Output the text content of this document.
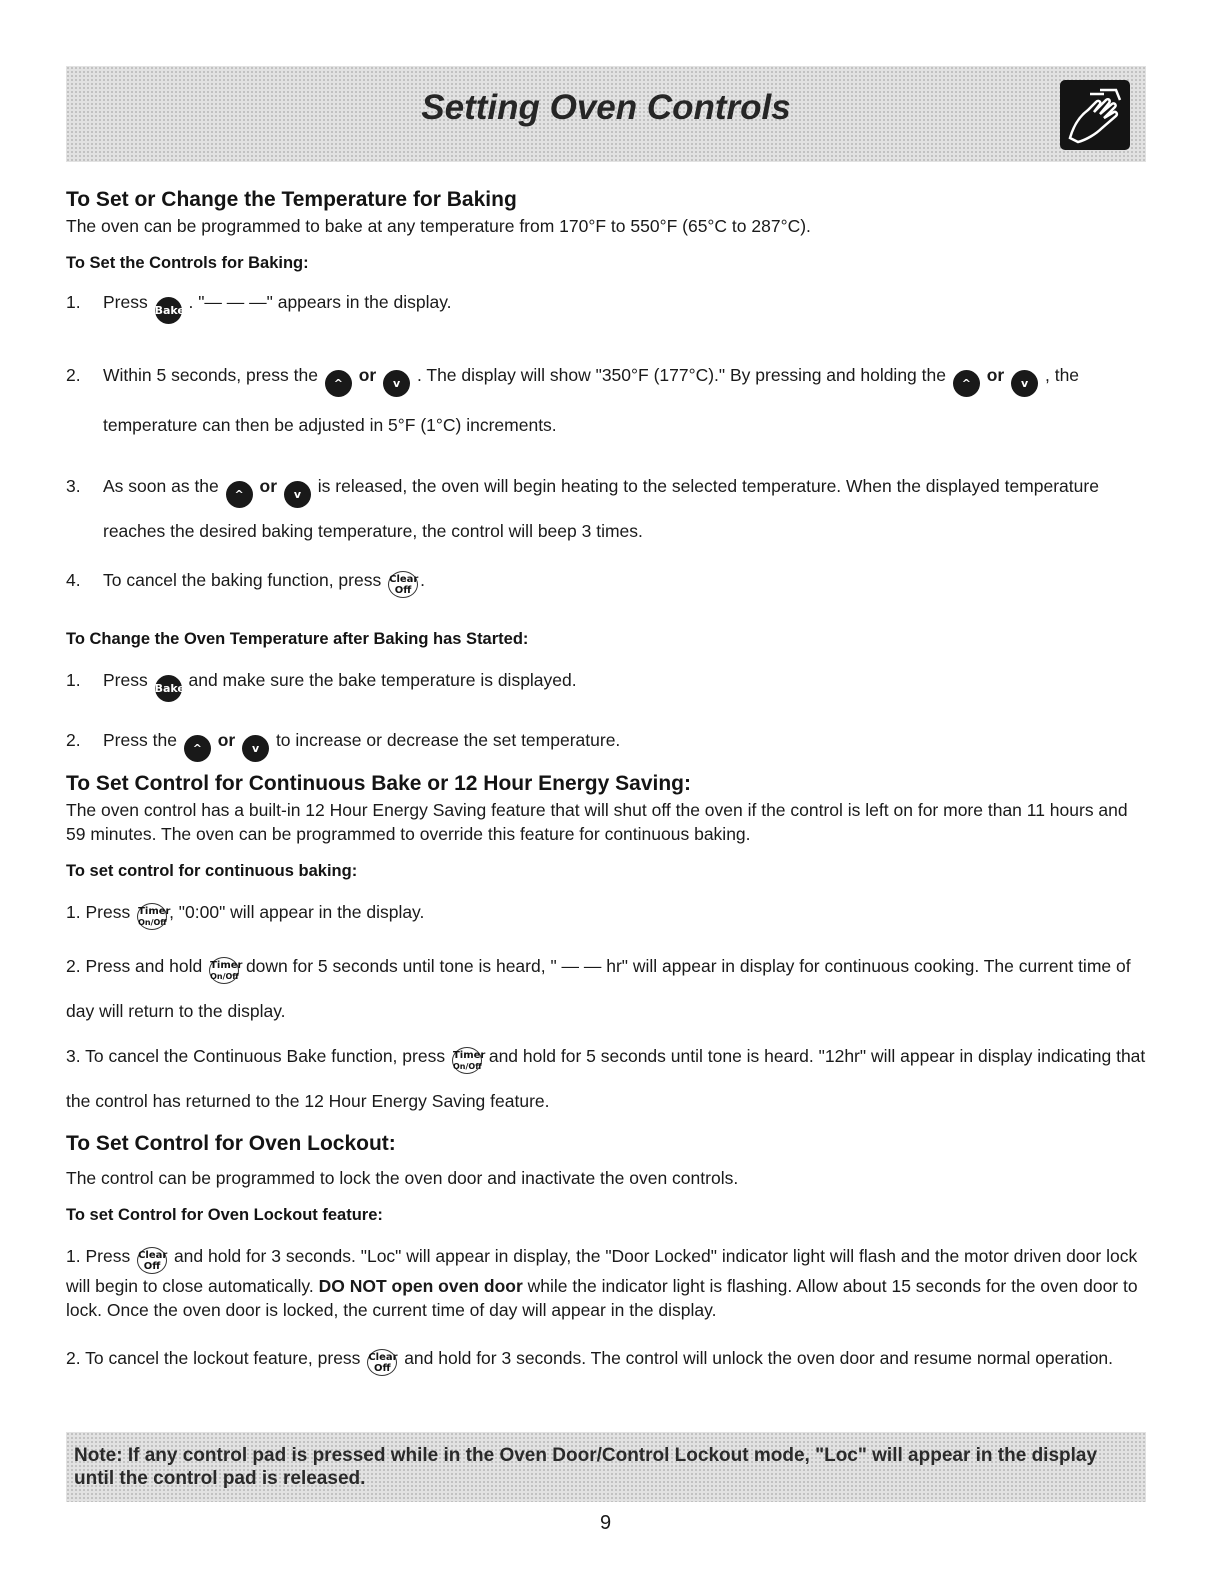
Setting Oven Controls
To Set or Change the Temperature for Baking

The oven can be programmed to bake at any temperature from 170°F to 550°F (65°C to 287°C).

To Set the Controls for Baking:
1. Press Bake . "— — —" appears in the display.
2. Within 5 seconds, press the ^ or v . The display will show "350°F (177°C)." By pressing and holding the ^ or v , the temperature can then be adjusted in 5°F (1°C) increments.
3. As soon as the ^ or v is released, the oven will begin heating to the selected temperature. When the displayed temperature reaches the desired baking temperature, the control will beep 3 times.
4. To cancel the baking function, press Clear
Off
.
To Change the Oven Temperature after Baking has Started:
1. Press Bake and make sure the bake temperature is displayed.
2. Press the ^ or v to increase or decrease the set temperature.
To Set Control for Continuous Bake or 12 Hour Energy Saving:

The oven control has a built-in 12 Hour Energy Saving feature that will shut off the oven if the control is left on for more than 11 hours and 59 minutes. The oven can be programmed to override this feature for continuous baking.

To set control for continuous baking:
1. Press Timer
On/Off
, "0:00" will appear in the display.
2. Press and hold Timer
On/Off
down for 5 seconds until tone is heard, " — — hr" will appear in display for continuous cooking. The current time of day will return to the display.
3. To cancel the Continuous Bake function, press Timer
On/Off
and hold for 5 seconds until tone is heard. "12hr" will appear in display indicating that the control has returned to the 12 Hour Energy Saving feature.
To Set Control for Oven Lockout:

The control can be programmed to lock the oven door and inactivate the oven controls.

To set Control for Oven Lockout feature:
1. Press Clear
Off
and hold for 3 seconds. "Loc" will appear in display, the "Door Locked" indicator light will flash and the motor driven door lock will begin to close automatically. DO NOT open oven door while the indicator light is flashing. Allow about 15 seconds for the oven door to lock. Once the oven door is locked, the current time of day will appear in the display.
2. To cancel the lockout feature, press Clear
Off
and hold for 3 seconds. The control will unlock the oven door and resume normal operation.
Note: If any control pad is pressed while in the Oven Door/Control Lockout mode, "Loc" will appear in the display until the control pad is released.
9
